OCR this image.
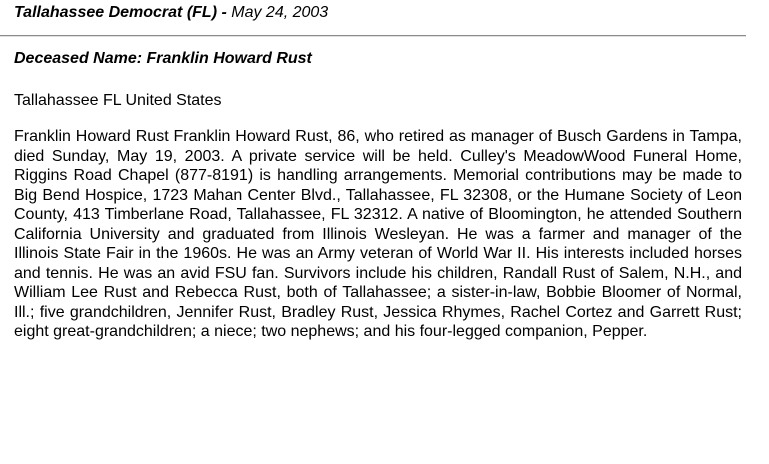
Tallahassee Democrat (FL) - May 24, 2003
Deceased Name: Franklin Howard Rust
Tallahassee FL United States

Franklin Howard Rust Franklin Howard Rust, 86, who retired as manager of Busch Gardens in Tampa, died Sunday, May 19, 2003. A private service will be held. Culley's MeadowWood Funeral Home, Riggins Road Chapel (877-8191) is handling arrangements. Memorial contributions may be made to Big Bend Hospice, 1723 Mahan Center Blvd., Tallahassee, FL 32308, or the Humane Society of Leon County, 413 Timberlane Road, Tallahassee, FL 32312. A native of Bloomington, he attended Southern California University and graduated from Illinois Wesleyan. He was a farmer and manager of the Illinois State Fair in the 1960s. He was an Army veteran of World War II. His interests included horses and tennis. He was an avid FSU fan. Survivors include his children, Randall Rust of Salem, N.H., and William Lee Rust and Rebecca Rust, both of Tallahassee; a sister-in-law, Bobbie Bloomer of Normal, Ill.; five grandchildren, Jennifer Rust, Bradley Rust, Jessica Rhymes, Rachel Cortez and Garrett Rust; eight great-grandchildren; a niece; two nephews; and his four-legged companion, Pepper.
